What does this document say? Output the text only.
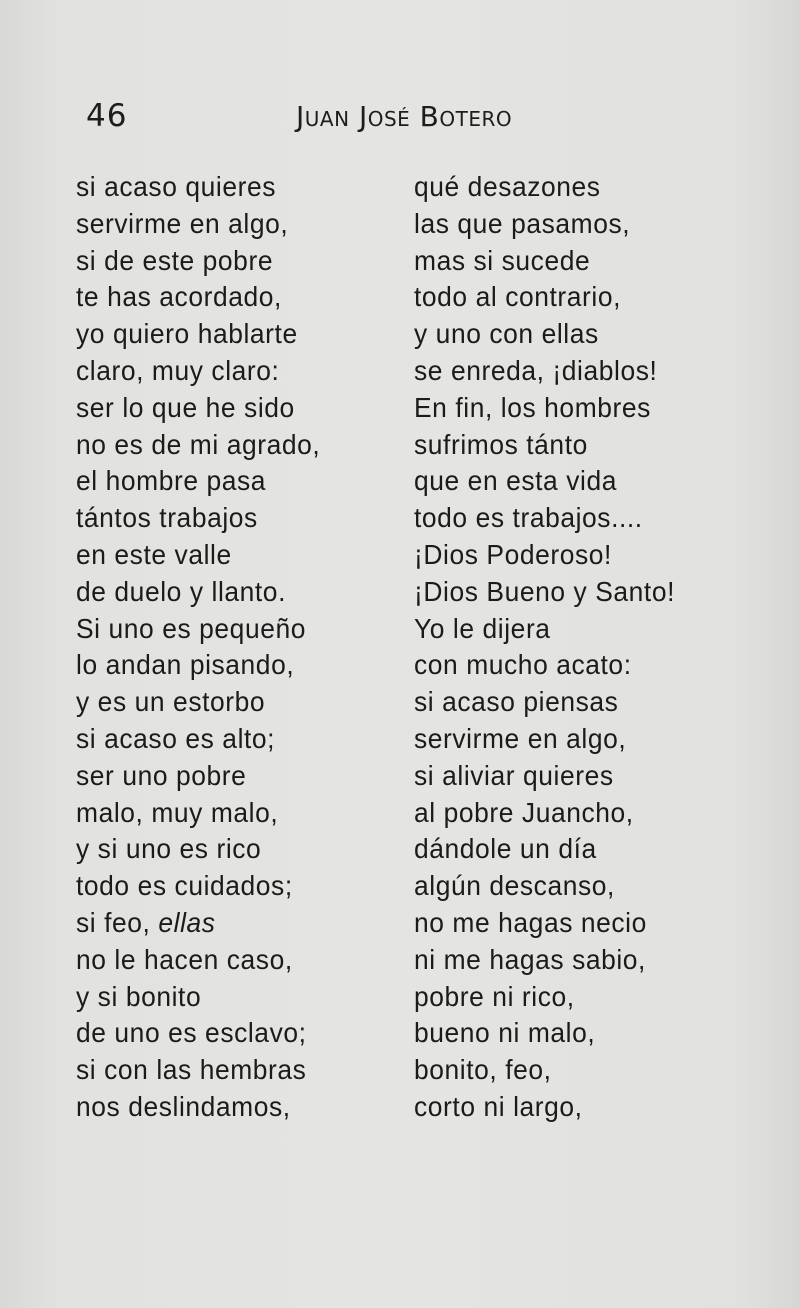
46	Juan José Botero
si acaso quieres
servirme en algo,
si de este pobre
te has acordado,
yo quiero hablarte
claro, muy claro:
ser lo que he sido
no es de mi agrado,
el hombre pasa
tántos trabajos
en este valle
de duelo y llanto.
Si uno es pequeño
lo andan pisando,
y es un estorbo
si acaso es alto;
ser uno pobre
malo, muy malo,
y si uno es rico
todo es cuidados;
si feo, ellas
no le hacen caso,
y si bonito
de uno es esclavo;
si con las hembras
nos deslindamos,
qué desazones
las que pasamos,
mas si sucede
todo al contrario,
y uno con ellas
se enreda, ¡diablos!
En fin, los hombres
sufrimos tánto
que en esta vida
todo es trabajos....
¡Dios Poderoso!
¡Dios Bueno y Santo!
Yo le dijera
con mucho acato:
si acaso piensas
servirme en algo,
si aliviar quieres
al pobre Juancho,
dándole un día
algún descanso,
no me hagas necio
ni me hagas sabio,
pobre ni rico,
bueno ni malo,
bonito, feo,
corto ni largo,
